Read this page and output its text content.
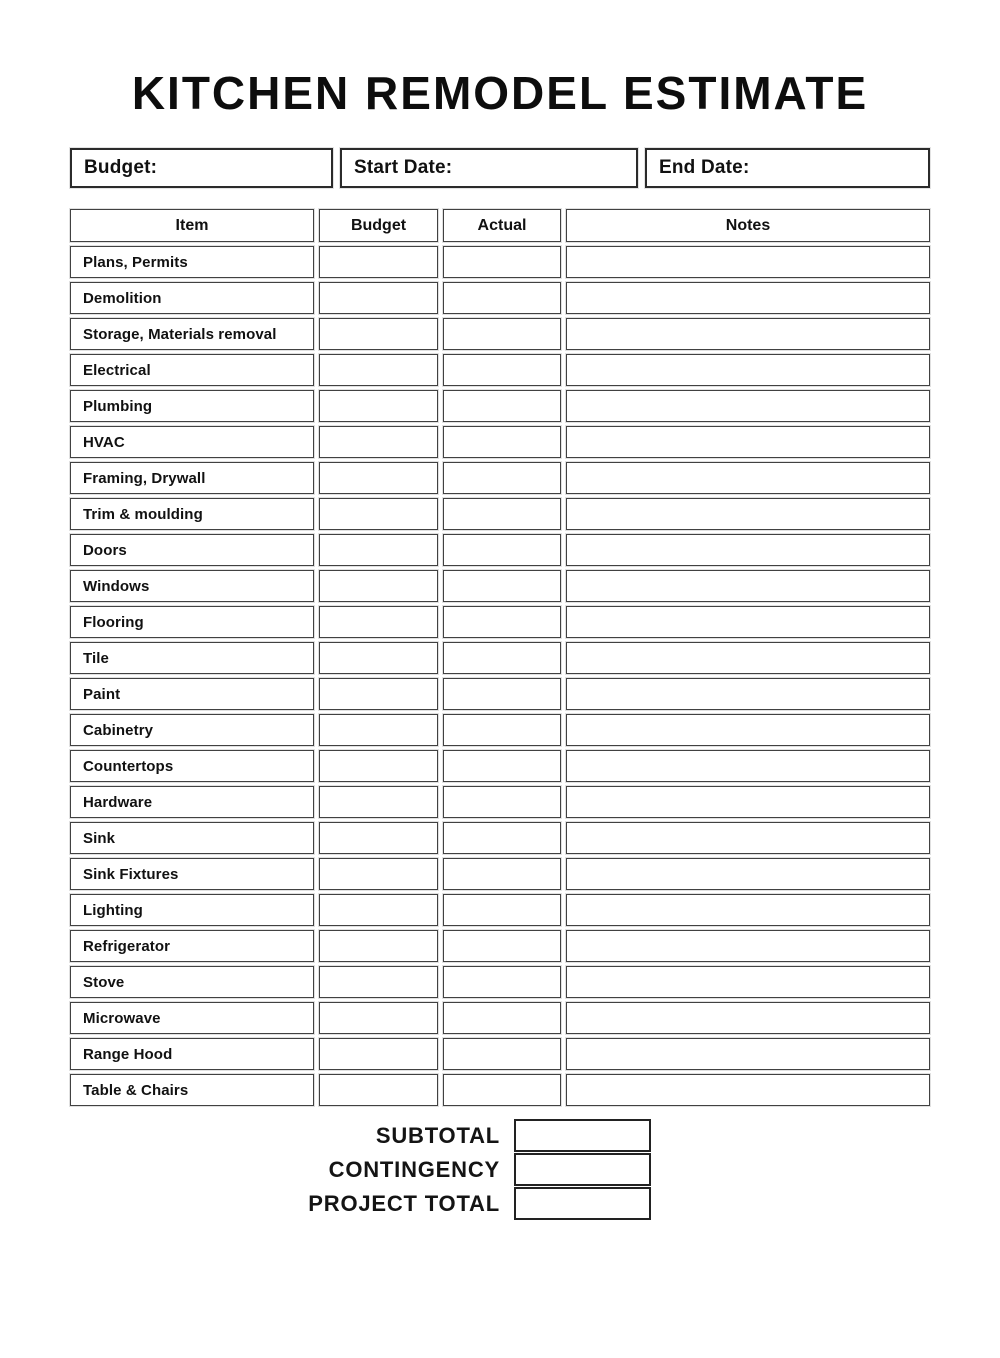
KITCHEN REMODEL ESTIMATE
Budget:	Start Date:	End Date:
Item	Budget	Actual	Notes
Plans, Permits
Demolition
Storage, Materials removal
Electrical
Plumbing
HVAC
Framing, Drywall
Trim & moulding
Doors
Windows
Flooring
Tile
Paint
Cabinetry
Countertops
Hardware
Sink
Sink Fixtures
Lighting
Refrigerator
Stove
Microwave
Range Hood
Table & Chairs
SUBTOTAL
CONTINGENCY
PROJECT TOTAL
